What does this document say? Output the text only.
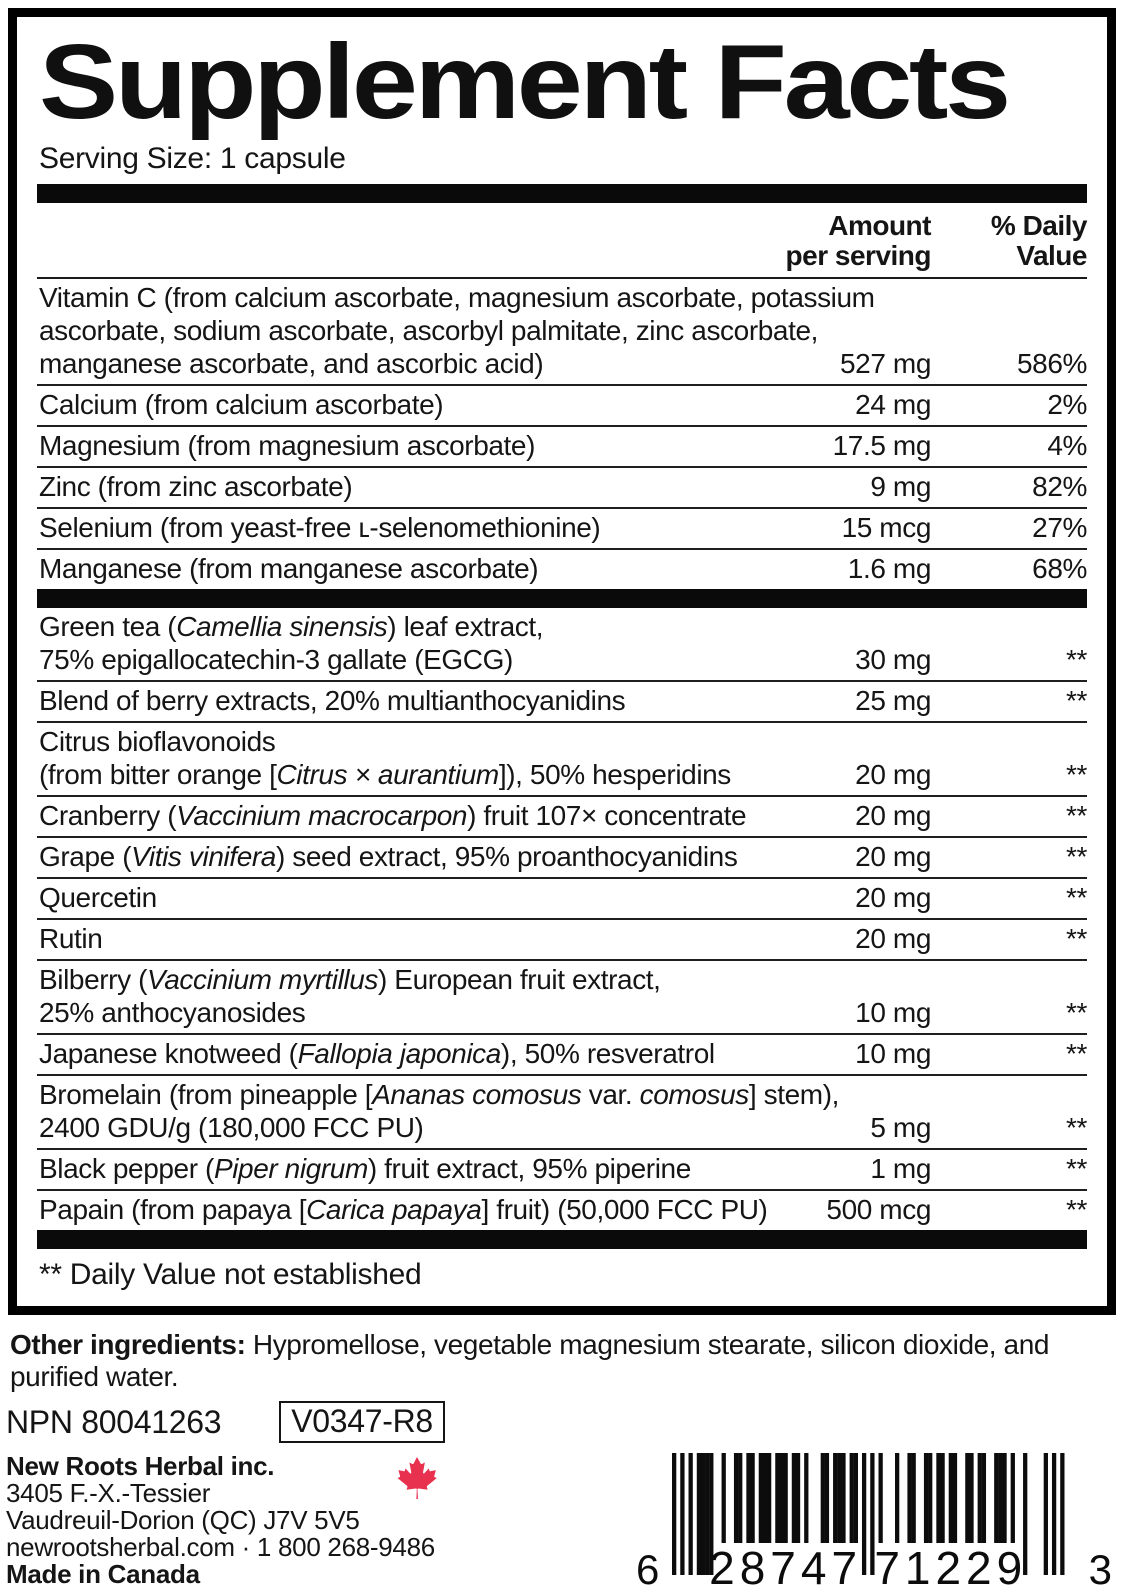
Supplement Facts
Serving Size: 1 capsule
Amount
per serving
% Daily
Value
Vitamin C (from calcium ascorbate, magnesium ascorbate, potassium
ascorbate, sodium ascorbate, ascorbyl palmitate, zinc ascorbate,
manganese ascorbate, and ascorbic acid)	527 mg	586%
Calcium (from calcium ascorbate)	24 mg	2%
Magnesium (from magnesium ascorbate)	17.5 mg	4%
Zinc (from zinc ascorbate)	9 mg	82%
Selenium (from yeast-free ʟ-selenomethionine)	15 mcg	27%
Manganese (from manganese ascorbate)	1.6 mg	68%
Green tea (Camellia sinensis) leaf extract,
75% epigallocatechin-3 gallate (EGCG)	30 mg	**
Blend of berry extracts, 20% multianthocyanidins	25 mg	**
Citrus bioflavonoids
(from bitter orange [Citrus × aurantium]), 50% hesperidins	20 mg	**
Cranberry (Vaccinium macrocarpon) fruit 107× concentrate	20 mg	**
Grape (Vitis vinifera) seed extract, 95% proanthocyanidins	20 mg	**
Quercetin	20 mg	**
Rutin	20 mg	**
Bilberry (Vaccinium myrtillus) European fruit extract,
25% anthocyanosides	10 mg	**
Japanese knotweed (Fallopia japonica), 50% resveratrol	10 mg	**
Bromelain (from pineapple [Ananas comosus var. comosus] stem),
2400 GDU/g (180,000 FCC PU)	5 mg	**
Black pepper (Piper nigrum) fruit extract, 95% piperine	1 mg	**
Papain (from papaya [Carica papaya] fruit) (50,000 FCC PU)	500 mcg	**
** Daily Value not established
Other ingredients: Hypromellose, vegetable magnesium stearate, silicon dioxide, and purified water.
NPN 80041263	V0347-R8
New Roots Herbal inc.
3405 F.-X.-Tessier
Vaudreuil-Dorion (QC) J7V 5V5
newrootsherbal.com · 1 800 268-9486
Made in Canada	6 28747 71229 3
